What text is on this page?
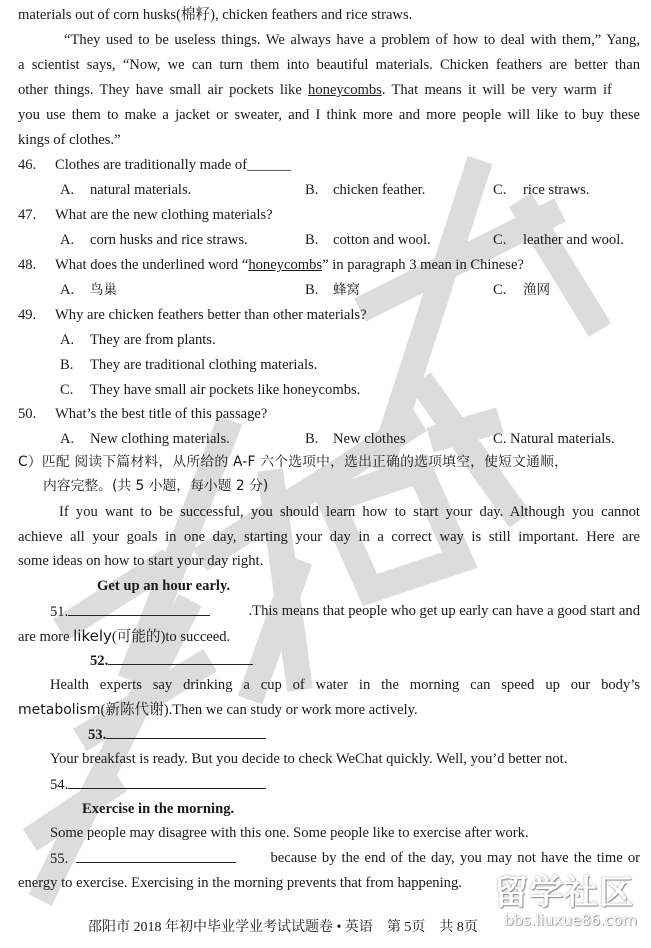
materials out of corn husks(棉籽), chicken feathers and rice straws.
“They used to be useless things. We always have a problem of how to deal with them,” Yang,
a scientist says, “Now, we can turn them into beautiful materials. Chicken feathers are better than
other things. They have small air pockets like honeycombs. That means it will be very warm if
you use them to make a jacket or sweater, and I think more and more people will like to buy these
kings of clothes.”
46. Clothes are traditionally made of______
A. natural materials.	B. chicken feather.	C. rice straws.
47. What are the new clothing materials?
A. corn husks and rice straws.	B. cotton and wool.	C. leather and wool.
48. What does the underlined word “honeycombs” in paragraph 3 mean in Chinese?
A. 鸟巢	B. 蜂窝	C. 渔网
49. Why are chicken feathers better than other materials?
A. They are from plants.
B. They are traditional clothing materials.
C. They have small air pockets like honeycombs.
50. What’s the best title of this passage?
A. New clothing materials.	B. New clothes	C. Natural materials.
C）匹配 阅读下篇材料，从所给的 A-F 六个选项中，选出正确的选项填空，使短文通顺，
内容完整。(共 5 小题，每小题 2 分)
If you want to be successful, you should learn how to start your day. Although you cannot
achieve all your goals in one day, starting your day in a correct way is still important. Here are
some ideas on how to start your day right.
Get up an hour early.
51.	.This means that people who get up early can have a good start and
are more likely(可能的)to succeed.
52.
Health experts say drinking a cup of water in the morning can speed up our body’s
metabolism(新陈代谢).Then we can study or work more actively.
53.
Your breakfast is ready. But you decide to check WeChat quickly. Well, you’d better not.
54.
Exercise in the morning.
Some people may disagree with this one. Some people like to exercise after work.
55.	because by the end of the day, you may not have the time or
energy to exercise. Exercising in the morning prevents that from happening.
邵阳市 2018 年初中毕业学业考试试题卷 • 英语　第 5页　共 8页
留学社区
bbs.liuxue86.com
